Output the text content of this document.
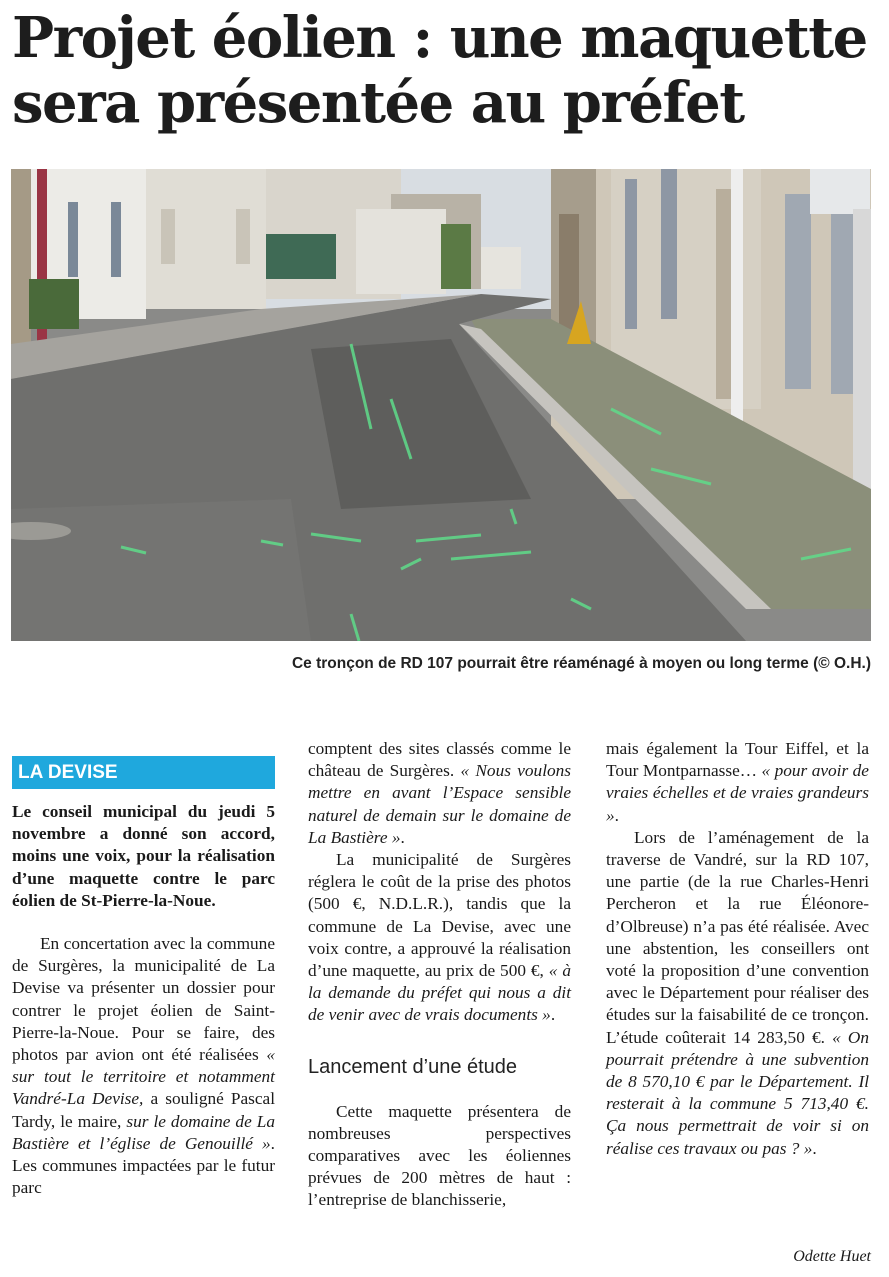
Projet éolien : une maquette
sera présentée au préfet
Ce tronçon de RD 107 pourrait être réaménagé à moyen ou long terme (© O.H.)
LA DEVISE

Le conseil municipal du jeudi 5 novembre a donné son accord, moins une voix, pour la réalisation d’une maquette contre le parc éolien de St-Pierre-la-Noue.

En concertation avec la commune de Surgères, la municipalité de La Devise va présenter un dossier pour contrer le projet éolien de Saint-Pierre-la-Noue. Pour se faire, des photos par avion ont été réalisées « sur tout le territoire et notamment Vandré-La Devise, a souligné Pascal Tardy, le maire, sur le domaine de La Bastière et l’église de Genouillé ». Les communes impactées par le futur parc

comptent des sites classés comme le château de Surgères. « Nous voulons mettre en avant l’Espace sensible naturel de demain sur le domaine de La Bastière ».

La municipalité de Surgères réglera le coût de la prise des photos (500 €, N.D.L.R.), tandis que la commune de La Devise, avec une voix contre, a approuvé la réalisation d’une maquette, au prix de 500 €, « à la demande du préfet qui nous a dit de venir avec de vrais documents ».

Lancement d’une étude

Cette maquette présentera de nombreuses perspectives comparatives avec les éoliennes prévues de 200 mètres de haut : l’entreprise de blanchisserie,

mais également la Tour Eiffel, et la Tour Montparnasse… « pour avoir de vraies échelles et de vraies grandeurs ».

Lors de l’aménagement de la traverse de Vandré, sur la RD 107, une partie (de la rue Charles-Henri Percheron et la rue Éléonore-d’Olbreuse) n’a pas été réalisée. Avec une abstention, les conseillers ont voté la proposition d’une convention avec le Département pour réaliser des études sur la faisabilité de ce tronçon. L’étude coûterait 14 283,50 €. « On pourrait prétendre à une subvention de 8 570,10 € par le Département. Il resterait à la commune 5 713,40 €. Ça nous permettrait de voir si on réalise ces travaux ou pas ? ».

Odette Huet
